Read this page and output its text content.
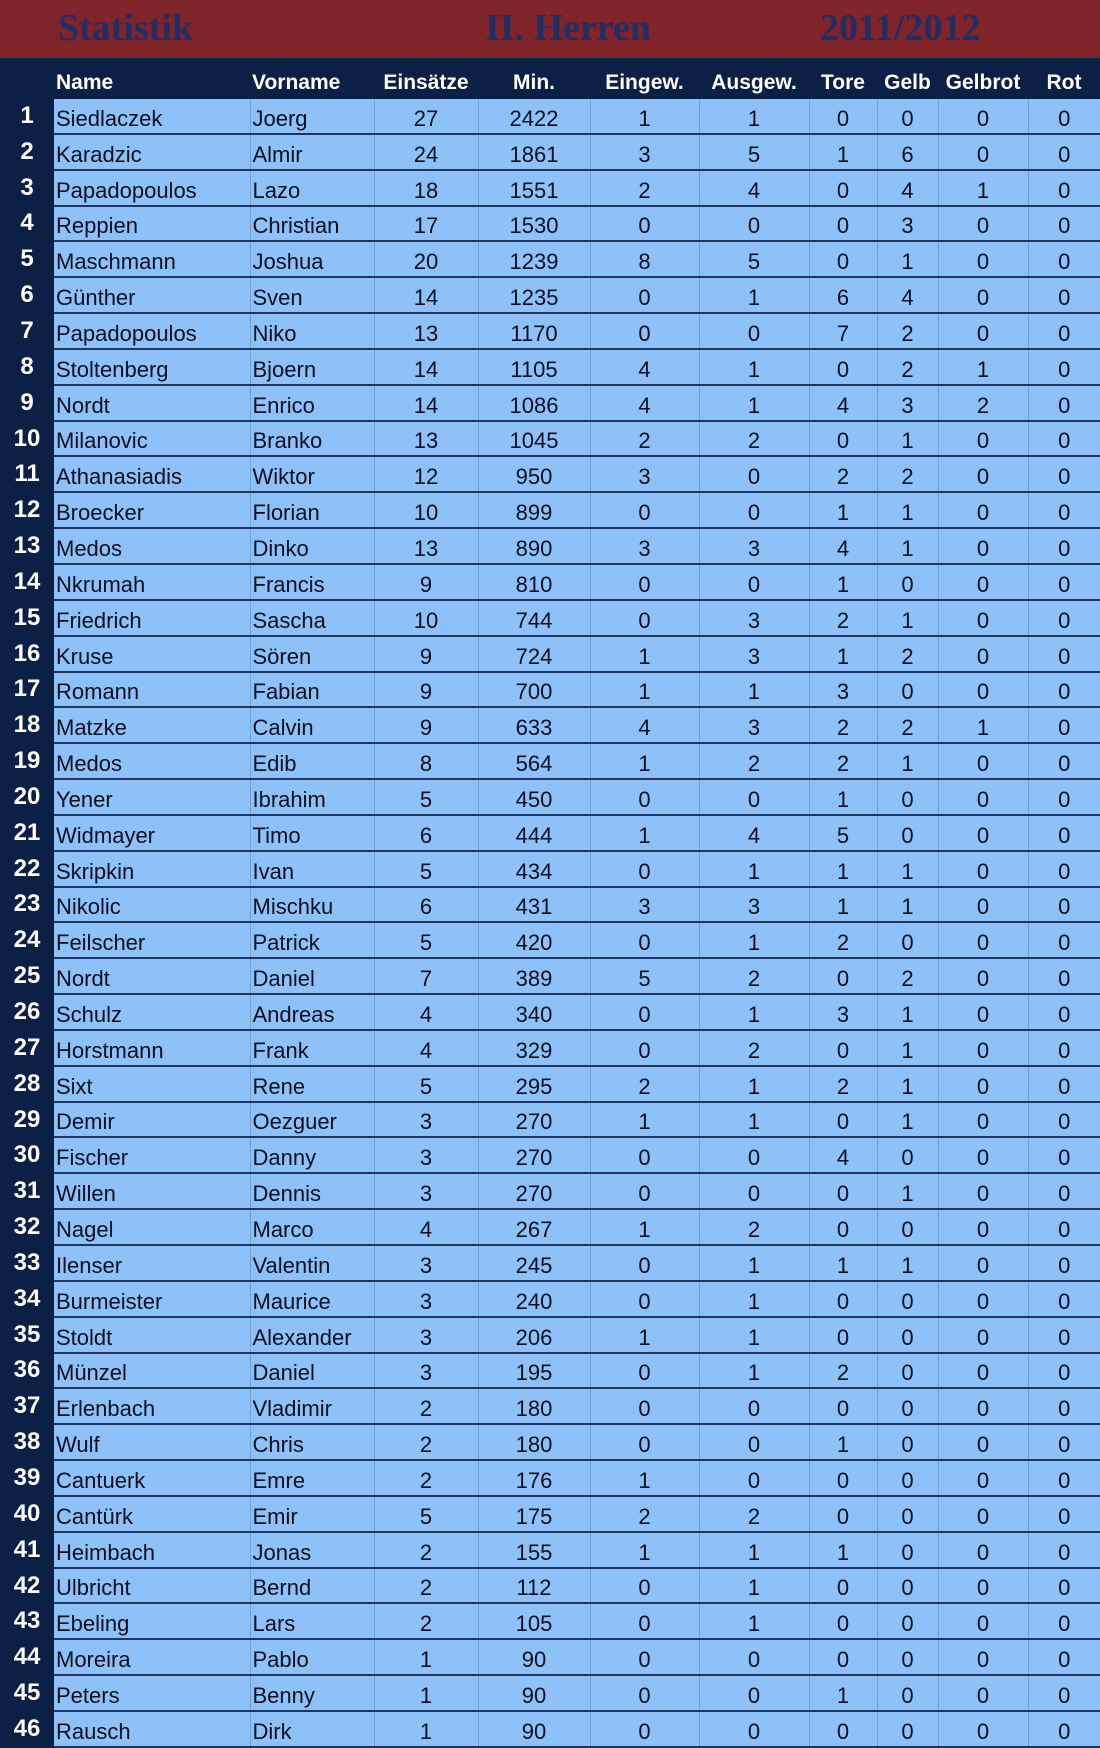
Statistik	II. Herren	2011/2012
	Name	Vorname	Einsätze	Min.	Eingew.	Ausgew.	Tore	Gelb	Gelbrot	Rot
1	Siedlaczek	Joerg	27	2422	1	1	0	0	0	0
2	Karadzic	Almir	24	1861	3	5	1	6	0	0
3	Papadopoulos	Lazo	18	1551	2	4	0	4	1	0
4	Reppien	Christian	17	1530	0	0	0	3	0	0
5	Maschmann	Joshua	20	1239	8	5	0	1	0	0
6	Günther	Sven	14	1235	0	1	6	4	0	0
7	Papadopoulos	Niko	13	1170	0	0	7	2	0	0
8	Stoltenberg	Bjoern	14	1105	4	1	0	2	1	0
9	Nordt	Enrico	14	1086	4	1	4	3	2	0
10	Milanovic	Branko	13	1045	2	2	0	1	0	0
11	Athanasiadis	Wiktor	12	950	3	0	2	2	0	0
12	Broecker	Florian	10	899	0	0	1	1	0	0
13	Medos	Dinko	13	890	3	3	4	1	0	0
14	Nkrumah	Francis	9	810	0	0	1	0	0	0
15	Friedrich	Sascha	10	744	0	3	2	1	0	0
16	Kruse	Sören	9	724	1	3	1	2	0	0
17	Romann	Fabian	9	700	1	1	3	0	0	0
18	Matzke	Calvin	9	633	4	3	2	2	1	0
19	Medos	Edib	8	564	1	2	2	1	0	0
20	Yener	Ibrahim	5	450	0	0	1	0	0	0
21	Widmayer	Timo	6	444	1	4	5	0	0	0
22	Skripkin	Ivan	5	434	0	1	1	1	0	0
23	Nikolic	Mischku	6	431	3	3	1	1	0	0
24	Feilscher	Patrick	5	420	0	1	2	0	0	0
25	Nordt	Daniel	7	389	5	2	0	2	0	0
26	Schulz	Andreas	4	340	0	1	3	1	0	0
27	Horstmann	Frank	4	329	0	2	0	1	0	0
28	Sixt	Rene	5	295	2	1	2	1	0	0
29	Demir	Oezguer	3	270	1	1	0	1	0	0
30	Fischer	Danny	3	270	0	0	4	0	0	0
31	Willen	Dennis	3	270	0	0	0	1	0	0
32	Nagel	Marco	4	267	1	2	0	0	0	0
33	Ilenser	Valentin	3	245	0	1	1	1	0	0
34	Burmeister	Maurice	3	240	0	1	0	0	0	0
35	Stoldt	Alexander	3	206	1	1	0	0	0	0
36	Münzel	Daniel	3	195	0	1	2	0	0	0
37	Erlenbach	Vladimir	2	180	0	0	0	0	0	0
38	Wulf	Chris	2	180	0	0	1	0	0	0
39	Cantuerk	Emre	2	176	1	0	0	0	0	0
40	Cantürk	Emir	5	175	2	2	0	0	0	0
41	Heimbach	Jonas	2	155	1	1	1	0	0	0
42	Ulbricht	Bernd	2	112	0	1	0	0	0	0
43	Ebeling	Lars	2	105	0	1	0	0	0	0
44	Moreira	Pablo	1	90	0	0	0	0	0	0
45	Peters	Benny	1	90	0	0	1	0	0	0
46	Rausch	Dirk	1	90	0	0	0	0	0	0
